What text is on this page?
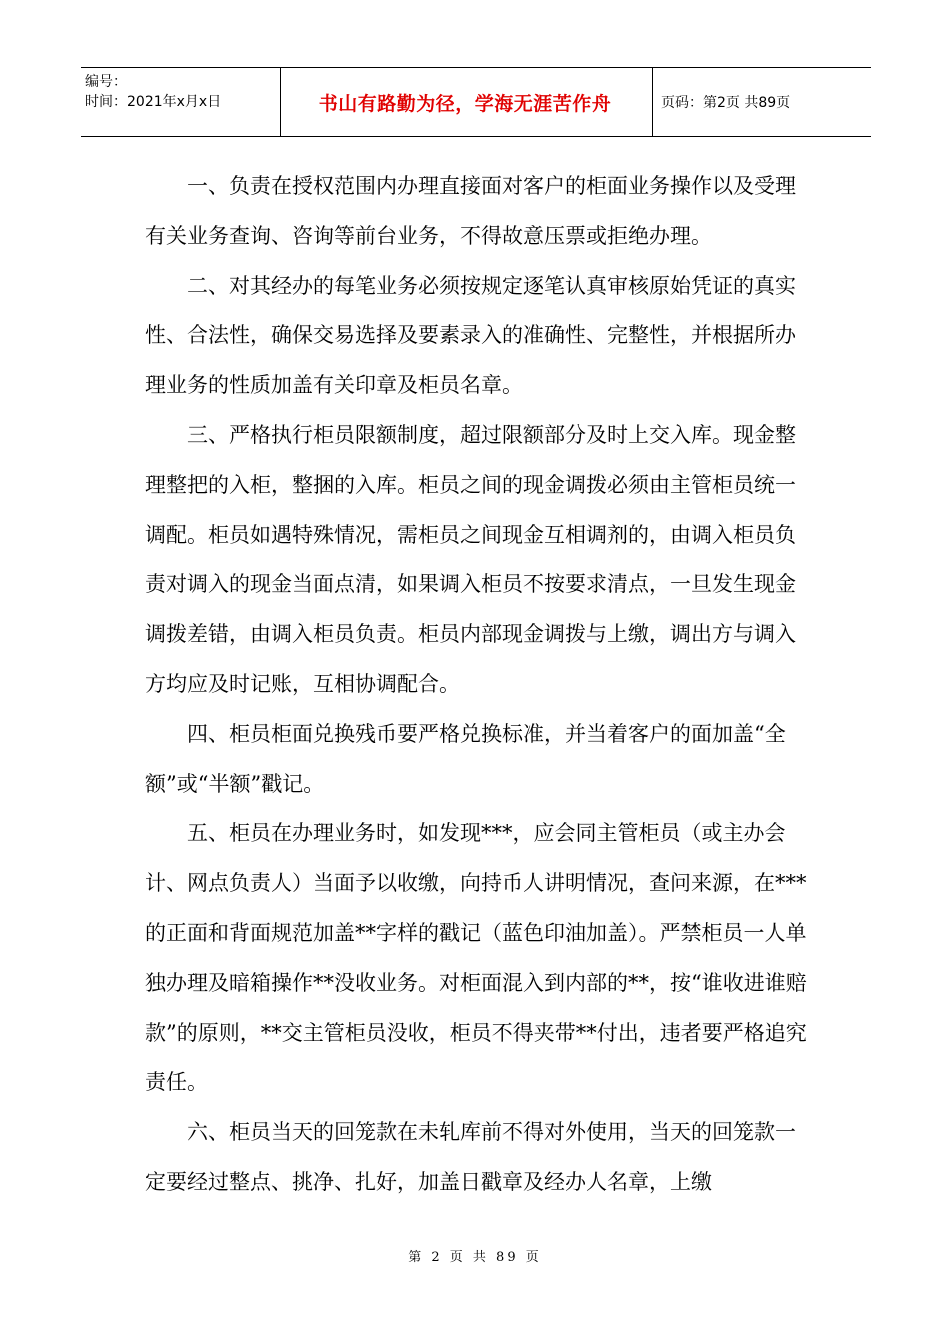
编号：
时间：2021年x月x日	书山有路勤为径，学海无涯苦作舟	页码：第2页 共89页

一、负责在授权范围内办理直接面对客户的柜面业务操作以及受理有关业务查询、咨询等前台业务，不得故意压票或拒绝办理。

二、对其经办的每笔业务必须按规定逐笔认真审核原始凭证的真实性、合法性，确保交易选择及要素录入的准确性、完整性，并根据所办理业务的性质加盖有关印章及柜员名章。

三、严格执行柜员限额制度，超过限额部分及时上交入库。现金整理整把的入柜，整捆的入库。柜员之间的现金调拨必须由主管柜员统一调配。柜员如遇特殊情况，需柜员之间现金互相调剂的，由调入柜员负责对调入的现金当面点清，如果调入柜员不按要求清点，一旦发生现金调拨差错，由调入柜员负责。柜员内部现金调拨与上缴，调出方与调入方均应及时记账，互相协调配合。

四、柜员柜面兑换残币要严格兑换标准，并当着客户的面加盖“全额”或“半额”戳记。

五、柜员在办理业务时，如发现***，应会同主管柜员（或主办会计、网点负责人）当面予以收缴，向持币人讲明情况，查问来源，在***的正面和背面规范加盖**字样的戳记（蓝色印油加盖）。严禁柜员一人单独办理及暗箱操作**没收业务。对柜面混入到内部的**，按“谁收进谁赔款”的原则，**交主管柜员没收，柜员不得夹带**付出，违者要严格追究责任。

六、柜员当天的回笼款在未轧库前不得对外使用，当天的回笼款一定要经过整点、挑净、扎好，加盖日戳章及经办人名章，上缴

第 2 页 共 89 页
